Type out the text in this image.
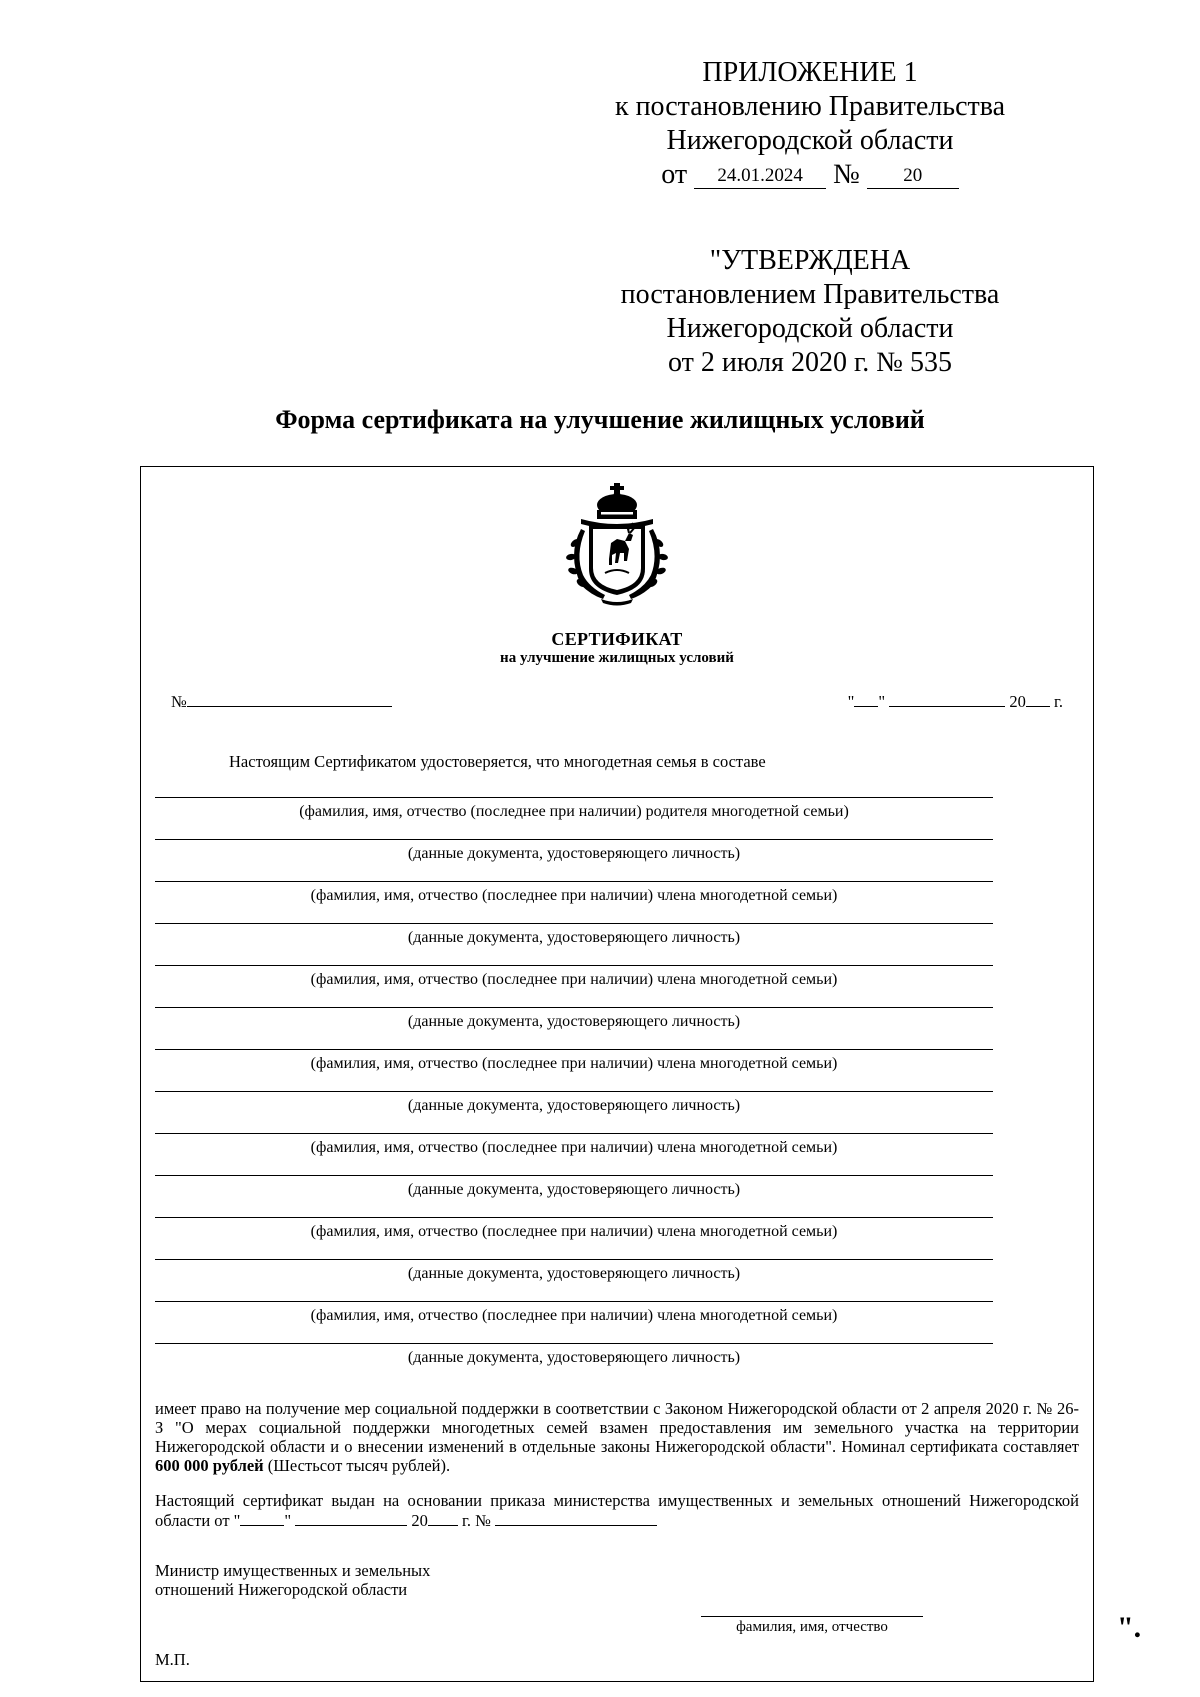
ПРИЛОЖЕНИЕ 1
к постановлению Правительства
Нижегородской области
от 24.01.2024 № 20
"УТВЕРЖДЕНА
постановлением Правительства
Нижегородской области
от 2 июля 2020 г. № 535
Форма сертификата на улучшение жилищных условий
СЕРТИФИКАТ
на улучшение жилищных условий
№	" "	20 г.
Настоящим Сертификатом удостоверяется, что многодетная семья в составе
(фамилия, имя, отчество (последнее при наличии) родителя многодетной семьи)
(данные документа, удостоверяющего личность)
(фамилия, имя, отчество (последнее при наличии) члена многодетной семьи)
(данные документа, удостоверяющего личность)
(фамилия, имя, отчество (последнее при наличии) члена многодетной семьи)
(данные документа, удостоверяющего личность)
(фамилия, имя, отчество (последнее при наличии) члена многодетной семьи)
(данные документа, удостоверяющего личность)
(фамилия, имя, отчество (последнее при наличии) члена многодетной семьи)
(данные документа, удостоверяющего личность)
(фамилия, имя, отчество (последнее при наличии) члена многодетной семьи)
(данные документа, удостоверяющего личность)
(фамилия, имя, отчество (последнее при наличии) члена многодетной семьи)
(данные документа, удостоверяющего личность)
имеет право на получение мер социальной поддержки в соответствии с Законом Нижегородской области от 2 апреля 2020 г. № 26-З "О мерах социальной поддержки многодетных семей взамен предоставления им земельного участка на территории Нижегородской области и о внесении изменений в отдельные законы Нижегородской области". Номинал сертификата составляет 600 000 рублей (Шестьсот тысяч рублей).
Настоящий сертификат выдан на основании приказа министерства имущественных и земельных отношений Нижегородской области от "	"	20 г. №
Министр имущественных и земельных
отношений Нижегородской области
фамилия, имя, отчество
М.П.
".
